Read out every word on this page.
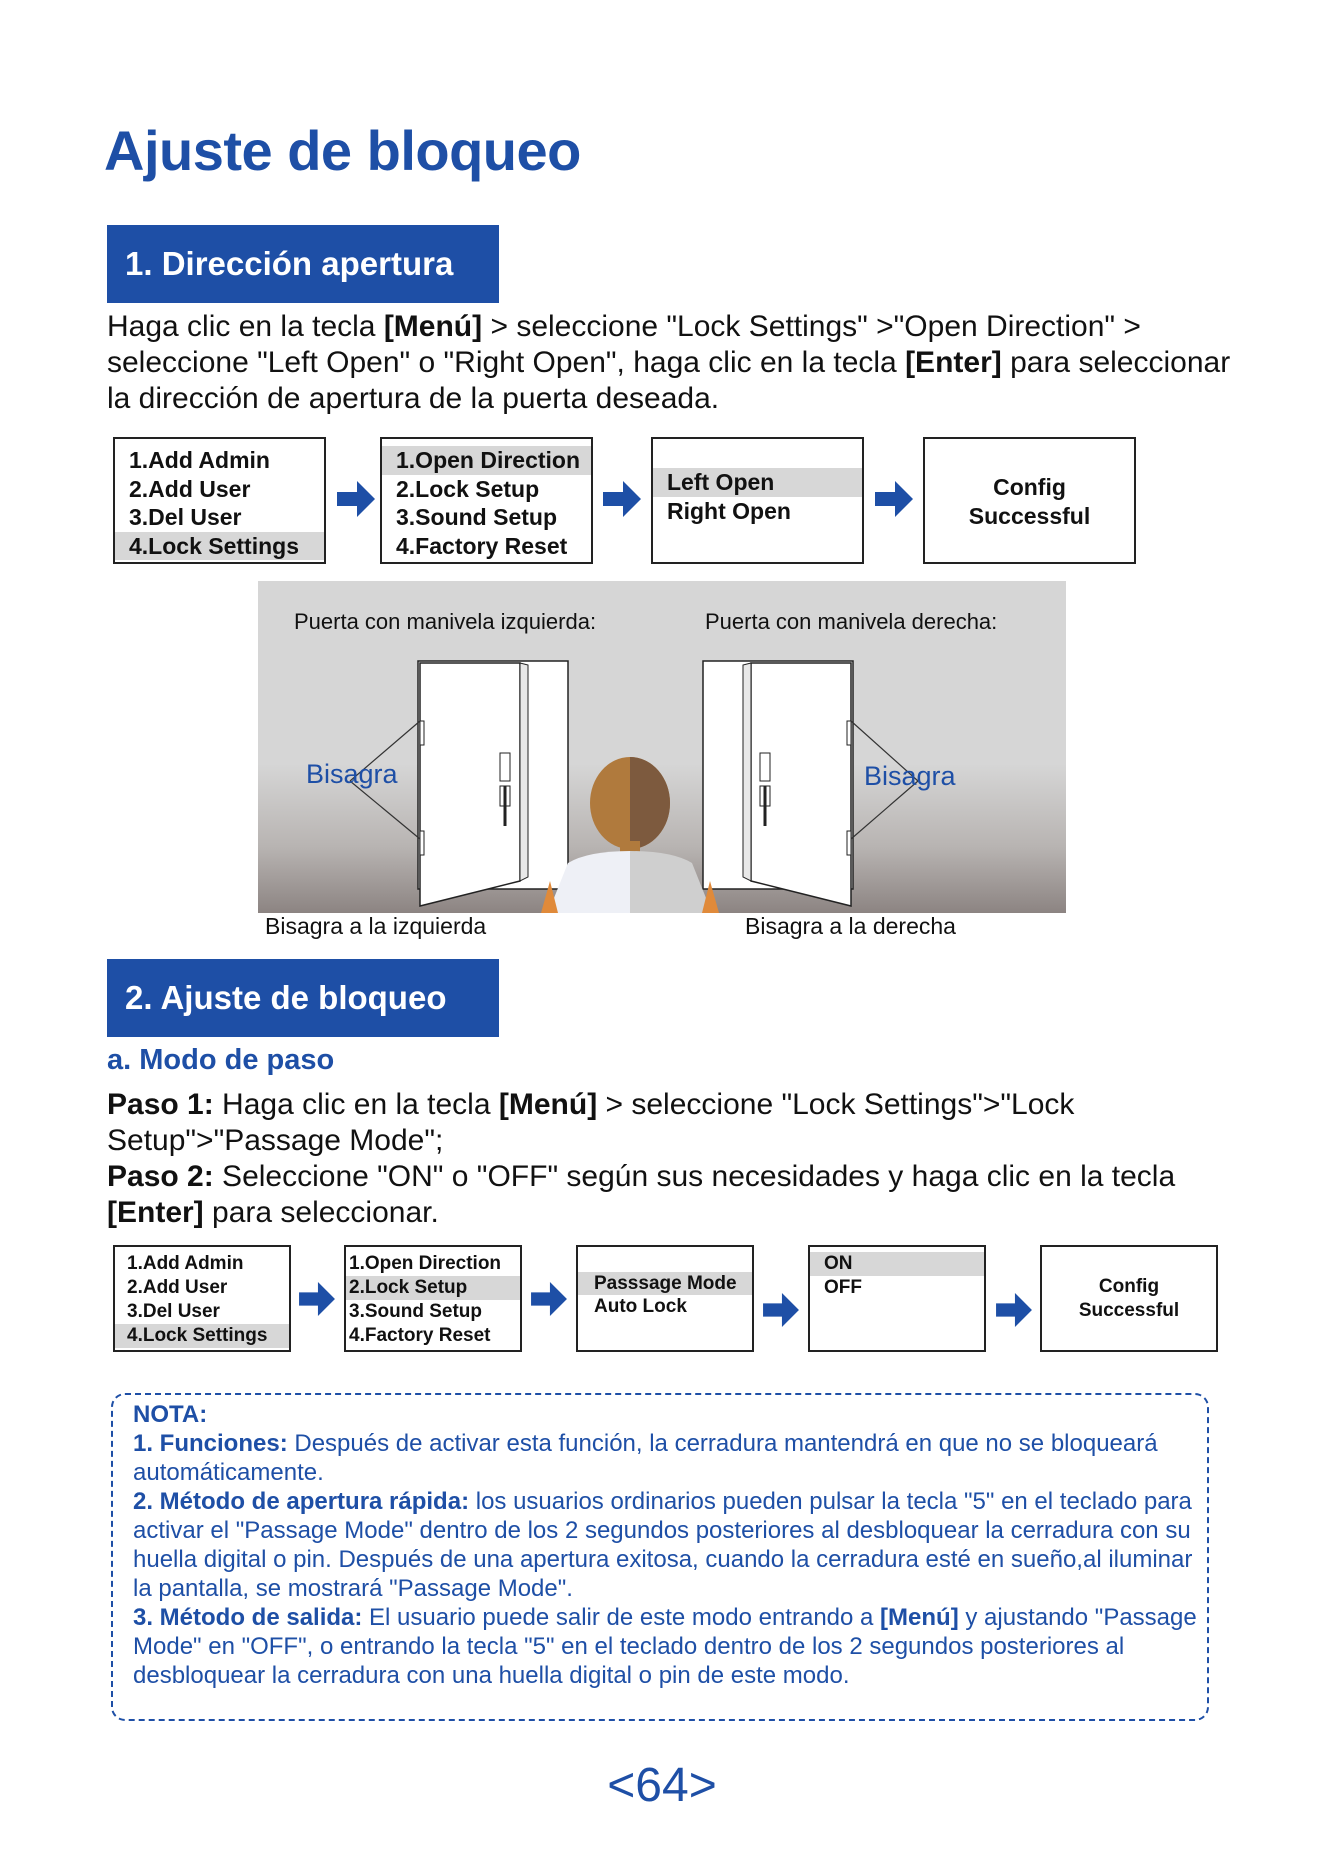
Ajuste de bloqueo
1. Dirección apertura
Haga clic en la tecla [Menú] > seleccione "Lock Settings" >"Open Direction" > seleccione "Left Open" o "Right Open", haga clic en la tecla [Enter] para seleccionar la dirección de apertura de la puerta deseada.
1.Add Admin
2.Add User
3.Del User
4.Lock Settings
1.Open Direction
2.Lock Setup
3.Sound Setup
4.Factory Reset
Left Open
Right Open
Config
Successful
Puerta con manivela izquierda:	Puerta con manivela derecha:
Bisagra	Bisagra
Bisagra a la izquierda	Bisagra a la derecha
2. Ajuste de bloqueo
a. Modo de paso
Paso 1: Haga clic en la tecla [Menú] > seleccione "Lock Settings">"Lock Setup">"Passage Mode";
Paso 2: Seleccione "ON" o "OFF" según sus necesidades y haga clic en la tecla [Enter] para seleccionar.
1.Add Admin
2.Add User
3.Del User
4.Lock Settings
1.Open Direction
2.Lock Setup
3.Sound Setup
4.Factory Reset
Passsage Mode
Auto Lock
ON
OFF	Config
Successful
NOTA:
1. Funciones: Después de activar esta función, la cerradura mantendrá en que no se bloqueará automáticamente.
2. Método de apertura rápida: los usuarios ordinarios pueden pulsar la tecla "5" en el teclado para activar el "Passage Mode" dentro de los 2 segundos posteriores al desbloquear la cerradura con su huella digital o pin. Después de una apertura exitosa, cuando la cerradura esté en sueño,al iluminar la pantalla, se mostrará "Passage Mode".
3. Método de salida: El usuario puede salir de este modo entrando a [Menú] y ajustando "Passage Mode" en "OFF", o entrando la tecla "5" en el teclado dentro de los 2 segundos posteriores al desbloquear la cerradura con una huella digital o pin de este modo.
<64>
